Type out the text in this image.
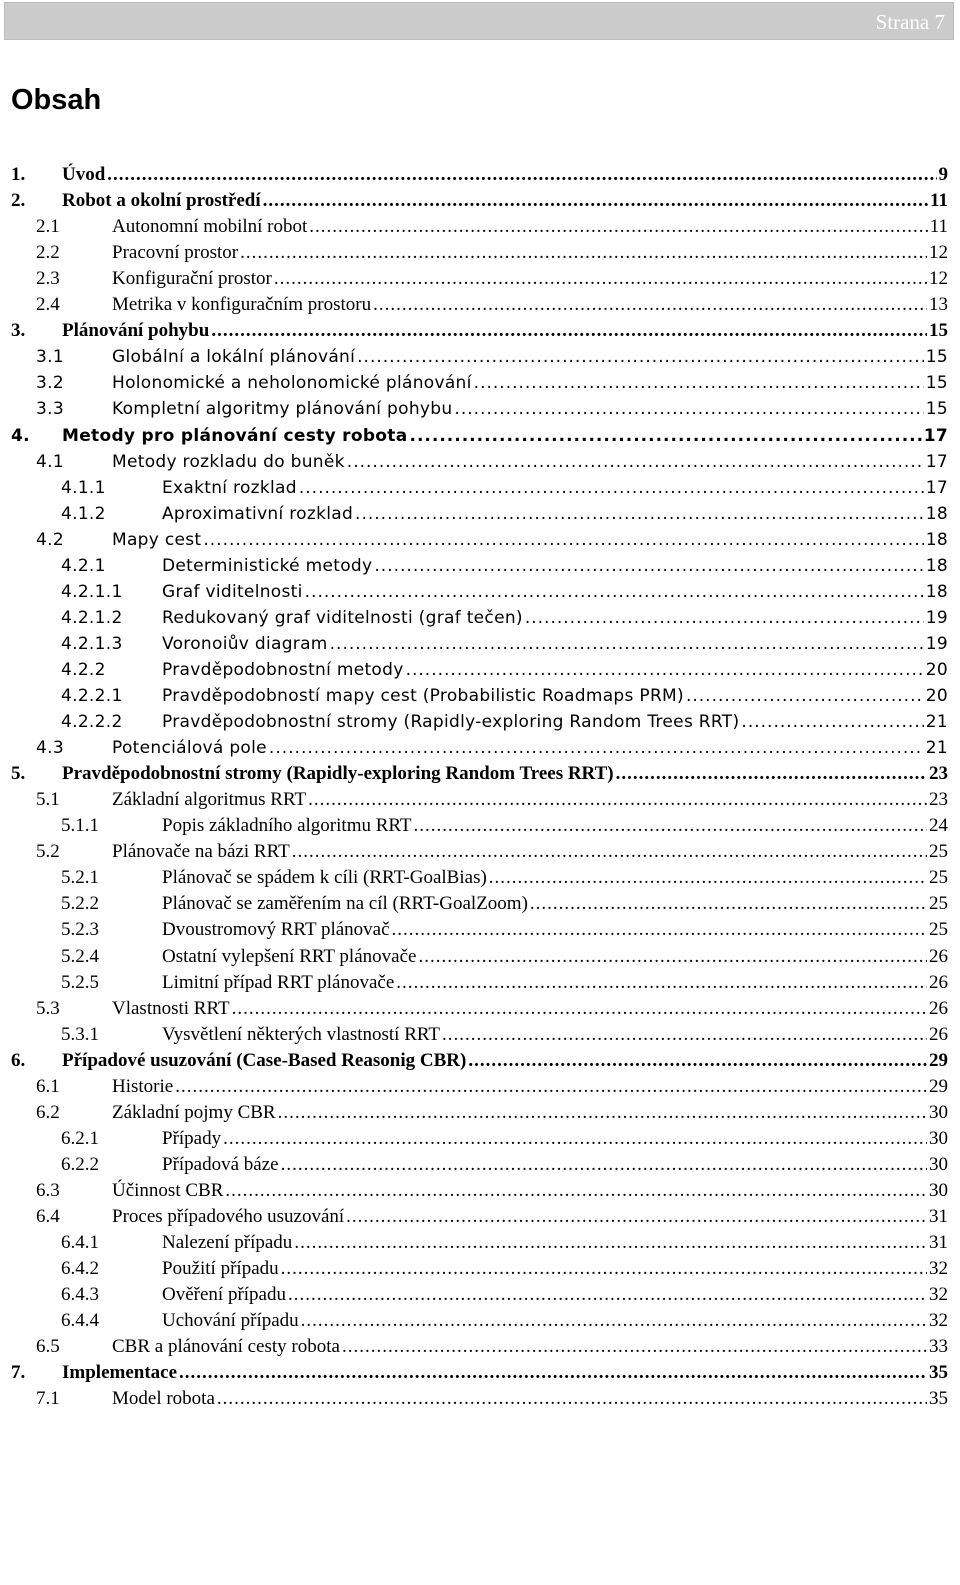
Strana 7
Obsah
1.	Úvod .....	9
2.	Robot a okolní prostředí .....	11
2.1	Autonomní mobilní robot .....	11
2.2	Pracovní prostor .....	12
2.3	Konfigurační prostor .....	12
2.4	Metrika v konfiguračním prostoru .....	13
3.	Plánování pohybu .....	15
3.1	Globální a lokální plánování .....	15
3.2	Holonomické a neholonomické plánování .....	15
3.3	Kompletní algoritmy plánování pohybu .....	15
4.	Metody pro plánování cesty robota .....	17
4.1	Metody rozkladu do buněk .....	17
4.1.1	Exaktní rozklad .....	17
4.1.2	Aproximativní rozklad .....	18
4.2	Mapy cest .....	18
4.2.1	Deterministické metody .....	18
4.2.1.1	Graf viditelnosti .....	18
4.2.1.2	Redukovaný graf viditelnosti (graf tečen) .....	19
4.2.1.3	Voronoiův diagram .....	19
4.2.2	Pravděpodobnostní metody .....	20
4.2.2.1	Pravděpodobností mapy cest (Probabilistic Roadmaps PRM) .....	20
4.2.2.2	Pravděpodobnostní stromy (Rapidly-exploring Random Trees RRT) .....	21
4.3	Potenciálová pole .....	21
5.	Pravděpodobnostní stromy (Rapidly-exploring Random Trees RRT) .....	23
5.1	Základní algoritmus RRT .....	23
5.1.1	Popis základního algoritmu RRT .....	24
5.2	Plánovače na bázi RRT .....	25
5.2.1	Plánovač se spádem k cíli (RRT-GoalBias) .....	25
5.2.2	Plánovač se zaměřením na cíl (RRT-GoalZoom) .....	25
5.2.3	Dvoustromový RRT plánovač .....	25
5.2.4	Ostatní vylepšení RRT plánovače .....	26
5.2.5	Limitní případ RRT plánovače .....	26
5.3	Vlastnosti RRT .....	26
5.3.1	Vysvětlení některých vlastností RRT .....	26
6.	Případové usuzování (Case-Based Reasonig CBR) .....	29
6.1	Historie .....	29
6.2	Základní pojmy CBR .....	30
6.2.1	Případy .....	30
6.2.2	Případová báze .....	30
6.3	Účinnost CBR .....	30
6.4	Proces případového usuzování .....	31
6.4.1	Nalezení případu .....	31
6.4.2	Použití případu .....	32
6.4.3	Ověření případu .....	32
6.4.4	Uchování případu .....	32
6.5	CBR a plánování cesty robota .....	33
7.	Implementace .....	35
7.1	Model robota .....	35
